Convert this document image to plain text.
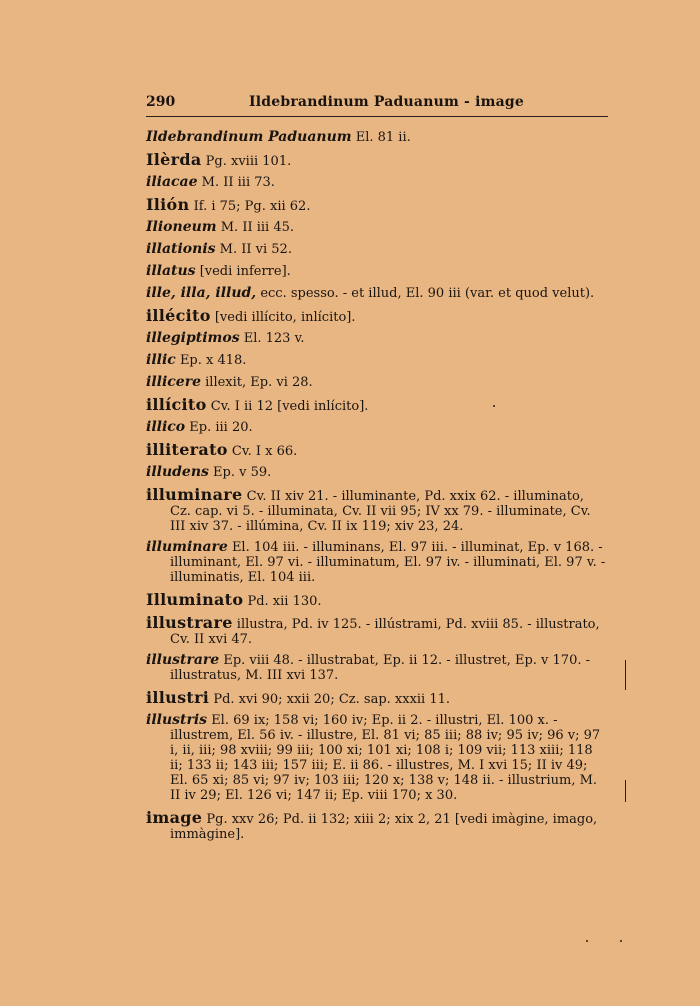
290	Ildebrandinum Paduanum - image
Ildebrandinum Paduanum El. 81 ii.
Ilèrda Pg. xviii 101.
iliacae M. II iii 73.
Ilión If. i 75; Pg. xii 62.
Ilioneum M. II iii 45.
illationis M. II vi 52.
illatus [vedi inferre].
ille, illa, illud, ecc. spesso. - et illud, El. 90 iii (var. et quod velut).
illécito [vedi illícito, inlícito].
illegiptimos El. 123 v.
illic Ep. x 418.
illicere illexit, Ep. vi 28.
illícito Cv. I ii 12 [vedi inlícito].
illico Ep. iii 20.
illiterato Cv. I x 66.
illudens Ep. v 59.
illuminare Cv. II xiv 21. - illuminante, Pd. xxix 62. - illuminato, Cz. cap. vi 5. - illuminata, Cv. II vii 95; IV xx 79. - illuminate, Cv. III xiv 37. - illúmina, Cv. II ix 119; xiv 23, 24.
illuminare El. 104 iii. - illuminans, El. 97 iii. - illuminat, Ep. v 168. - illuminant, El. 97 vi. - illuminatum, El. 97 iv. - illuminati, El. 97 v. - illuminatis, El. 104 iii.
Illuminato Pd. xii 130.
illustrare illustra, Pd. iv 125. - illústrami, Pd. xviii 85. - illustrato, Cv. II xvi 47.
illustrare Ep. viii 48. - illustrabat, Ep. ii 12. - illustret, Ep. v 170. - illustratus, M. III xvi 137.
illustri Pd. xvi 90; xxii 20; Cz. sap. xxxii 11.
illustris El. 69 ix; 158 vi; 160 iv; Ep. ii 2. - illustri, El. 100 x. - illustrem, El. 56 iv. - illustre, El. 81 vi; 85 iii; 88 iv; 95 iv; 96 v; 97 i, ii, iii; 98 xviii; 99 iii; 100 xi; 101 xi; 108 i; 109 vii; 113 xiii; 118 ii; 133 ii; 143 iii; 157 iii; E. ii 86. - illustres, M. I xvi 15; II iv 49; El. 65 xi; 85 vi; 97 iv; 103 iii; 120 x; 138 v; 148 ii. - illustrium, M. II iv 29; El. 126 vi; 147 ii; Ep. viii 170; x 30.
image Pg. xxv 26; Pd. ii 132; xiii 2; xix 2, 21 [vedi imàgine, imago, immàgine].
